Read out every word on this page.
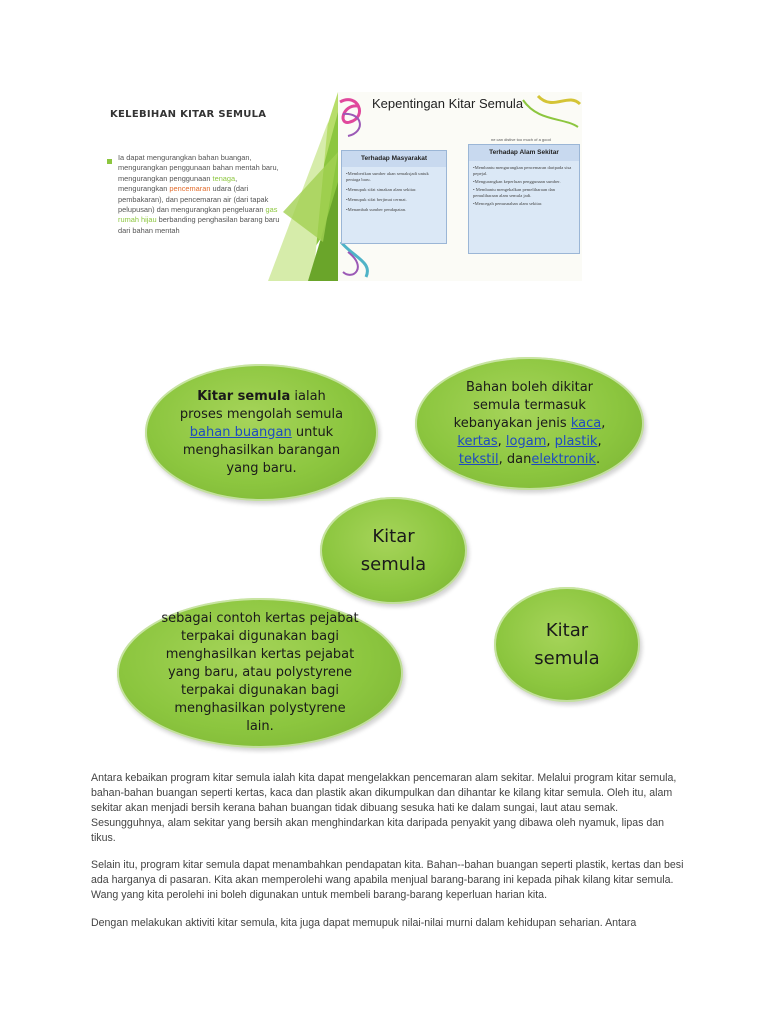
KELEBIHAN KITAR SEMULA
Ia dapat mengurangkan bahan buangan, mengurangkan penggunaan bahan mentah baru, mengurangkan penggunaan tenaga, mengurangkan pencemaran udara (dari pembakaran), dan pencemaran air (dari tapak pelupusan) dan mengurangkan pengeluaran gas rumah hijau berbanding penghasilan barang baru dari bahan mentah
Kepentingan Kitar Semula
ne can distive too much of a good
Terhadap Masyarakat
•Memberikan sumber akan semaksjadi untuk peniaga baru.
•Memupuk sifat simakan alam sekitar.
•Memupuk sifat berjimat cermat.
•Menambah sumber pendapatan.
Terhadap Alam Sekitar
•Membantu mengurangkan pencemaran daripada sisa pepejal.
•Mengurangkan keperluan penggunaan sumber.
• Membantu mengekalkan pemeliharaan dan pemuliharaan alam semula jadi.
•Mencegah pemusnahan alam sekitar.
Kitar semula ialah proses mengolah semula bahan buangan untuk menghasilkan barangan yang baru.
Bahan boleh dikitar semula termasuk kebanyakan jenis kaca, kertas, logam, plastik, tekstil, danelektronik.
Kitar semula
sebagai contoh kertas pejabat terpakai digunakan bagi menghasilkan kertas pejabat yang baru, atau polystyrene terpakai digunakan bagi menghasilkan polystyrene lain.
Kitar semula
Antara kebaikan program kitar semula ialah kita dapat mengelakkan pencemaran alam sekitar. Melalui program kitar semula, bahan-bahan buangan seperti kertas, kaca dan plastik akan dikumpulkan dan dihantar ke kilang kitar semula. Oleh itu, alam sekitar akan menjadi bersih kerana bahan buangan tidak dibuang sesuka hati ke dalam sungai, laut atau semak. Sesungguhnya, alam sekitar yang bersih akan menghindarkan kita daripada penyakit yang dibawa oleh nyamuk, lipas dan tikus.
Selain itu, program kitar semula dapat menambahkan pendapatan kita. Bahan--bahan buangan seperti plastik, kertas dan besi ada harganya di pasaran. Kita akan memperolehi wang apabila menjual barang-barang ini kepada pihak kilang kitar semula. Wang yang kita perolehi ini boleh digunakan untuk membeli barang-barang keperluan harian kita.
Dengan melakukan aktiviti kitar semula, kita juga dapat memupuk nilai-nilai murni dalam kehidupan seharian. Antara
